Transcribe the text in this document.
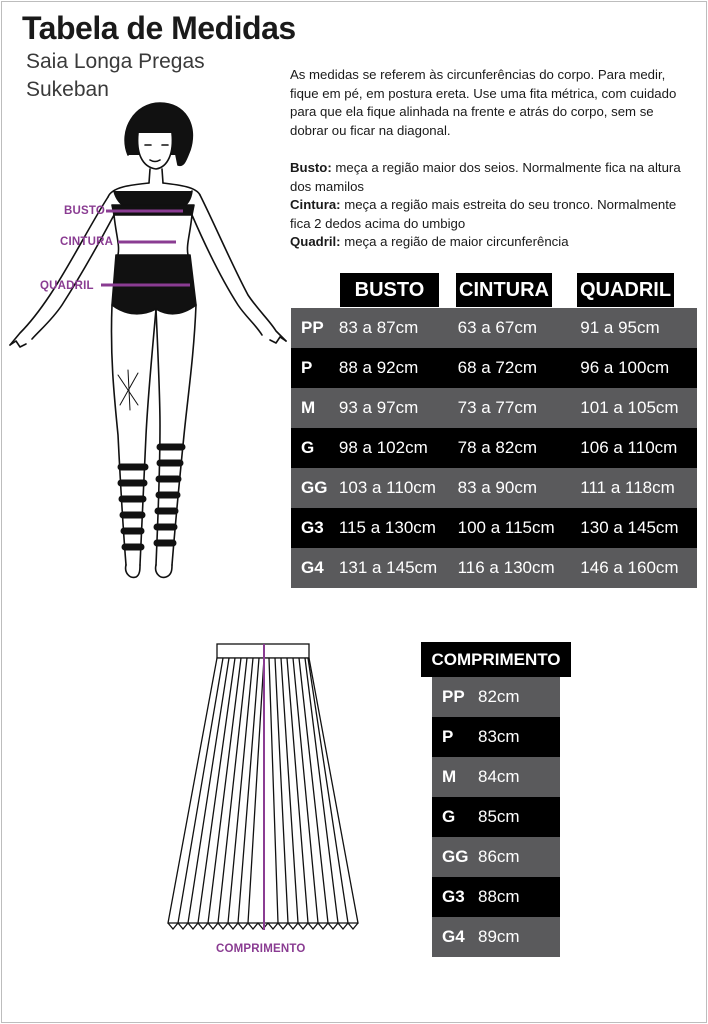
Tabela de Medidas
Saia Longa Pregas
Sukeban
As medidas se referem às circunferências do corpo. Para medir, fique em pé, em postura ereta. Use uma fita métrica, com cuidado para que ela fique alinhada na frente e atrás do corpo, sem se dobrar ou ficar na diagonal.
Busto: meça a região maior dos seios. Normalmente fica na altura dos mamilos
Cintura: meça a região mais estreita do seu tronco. Normalmente fica 2 dedos acima do umbigo
Quadril: meça a região de maior circunferência
BUSTO
CINTURA
QUADRIL	BUSTO	CINTURA QUADRIL
PP 83 a 87cm	63 a 67cm	91 a 95cm
P	88 a 92cm	68 a 72cm	96 a 100cm
M	93 a 97cm	73 a 77cm	101 a 105cm
G	98 a 102cm	78 a 82cm	106 a 110cm
GG 103 a 110cm	83 a 90cm	111 a 118cm
G3 115 a 130cm	100 a 115cm	130 a 145cm
G4 131 a 145cm	116 a 130cm	146 a 160cm
COMPRIMENTO
COMPRIMENTO
PP 82cm
P	83cm
M	84cm
G	85cm
GG 86cm
G3 88cm
G4 89cm
